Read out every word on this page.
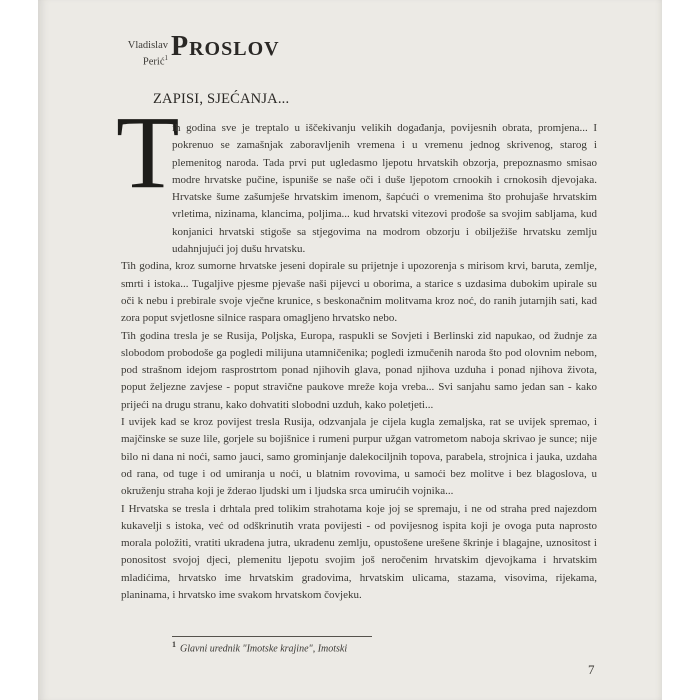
Vladislav
Perić$^1$ Proslov
ZAPISI, SJEĆANJA...
T

ih godina sve je treptalo u iščekivanju velikih događanja, povijesnih obrata, promjena... I pokrenuo se zamašnjak zaboravljenih vremena i u vremenu jednog skrivenog, starog i plemenitog naroda. Tada prvi put ugledasmo ljepotu hrvatskih obzorja, prepoznasmo smisao modre hrvatske pučine, ispuniše se naše oči i duše ljepotom crnookih i crnokosih djevojaka. Hrvatske šume zašumješe hrvatskim imenom, šapćući o vremenima što prohujaše hrvatskim vrletima, nizinama, klancima, poljima... kud hrvatski vitezovi prođoše sa svojim sabljama, kud konjanici hrvatski stigoše sa stjegovima na modrom obzorju i obilježiše hrvatsku zemlju udahnjujući joj dušu hrvatsku.

Tih godina, kroz sumorne hrvatske jeseni dopirale su prijetnje i upozorenja s mirisom krvi, baruta, zemlje, smrti i istoka... Tugaljive pjesme pjevaše naši pijevci u oborima, a starice s uzdasima dubokim upirale su oči k nebu i prebirale svoje vječne krunice, s beskonačnim molitvama kroz noć, do ranih jutarnjih sati, kad zora poput svjetlosne silnice raspara omagljeno hrvatsko nebo.

Tih godina tresla je se Rusija, Poljska, Europa, raspukli se Sovjeti i Berlinski zid napukao, od žudnje za slobodom probodoše ga pogledi milijuna utamničenika; pogledi izmučenih naroda što pod olovnim nebom, pod strašnom idejom rasprostrtom ponad njihovih glava, ponad njihova uzduha i ponad njihova života, poput željezne zavjese - poput stravične paukove mreže koja vreba... Svi sanjahu samo jedan san - kako prijeći na drugu stranu, kako dohvatiti slobodni uzduh, kako poletjeti...

I uvijek kad se kroz povijest tresla Rusija, odzvanjala je cijela kugla zemaljska, rat se uvijek spremao, i majčinske se suze lile, gorjele su bojišnice i rumeni purpur užgan vatrometom naboja skrivao je sunce; nije bilo ni dana ni noći, samo jauci, samo grominjanje dalekociljnih topova, parabela, strojnica i jauka, uzdaha od rana, od tuge i od umiranja u noći, u blatnim rovovima, u samoći bez molitve i bez blagoslova, u okruženju straha koji je žderao ljudski um i ljudska srca umirućih vojnika...

I Hrvatska se tresla i drhtala pred tolikim strahotama koje joj se spremaju, i ne od straha pred najezdom kukavelji s istoka, već od odškrinutih vrata povijesti - od povijesnog ispita koji je ovoga puta naprosto morala položiti, vratiti ukradena jutra, ukradenu zemlju, opustošene urešene škrinje i blagajne, uznositost i ponositost svojoj djeci, plemenitu ljepotu svojim još neročenim hrvatskim djevojkama i hrvatskim mladićima, hrvatsko ime hrvatskim gradovima, hrvatskim ulicama, stazama, visovima, rijekama, planinama, i hrvatsko ime svakom hrvatskom čovjeku.

$^1$ Glavni urednik "Imotske krajine", Imotski
7
